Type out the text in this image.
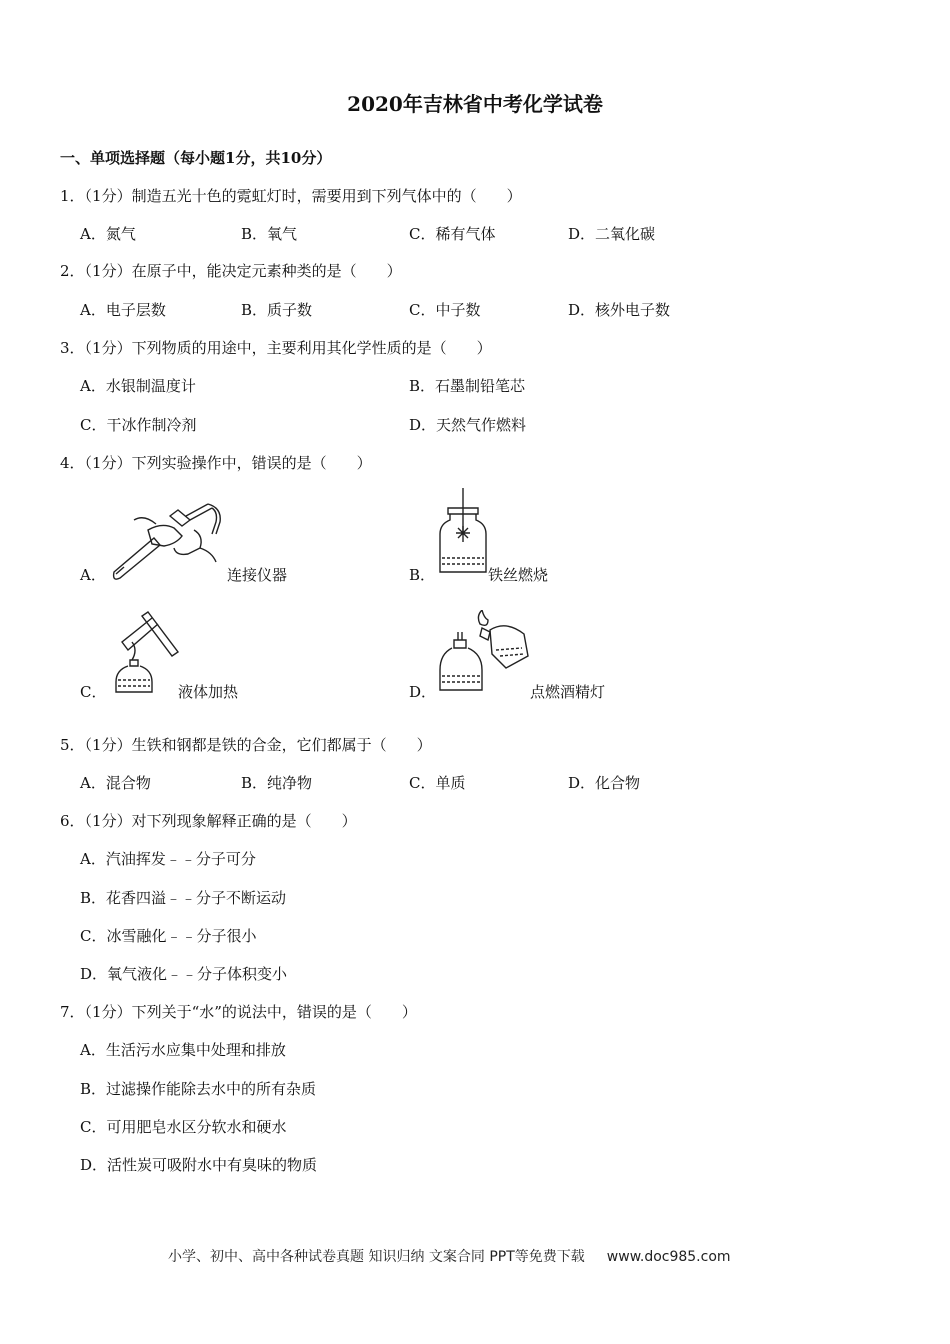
2020年吉林省中考化学试卷
一、单项选择题（每小题1分，共10分）
1．（1分）制造五光十色的霓虹灯时，需要用到下列气体中的（　　）
A．氮气	B．氧气	C．稀有气体	D．二氧化碳
2．（1分）在原子中，能决定元素种类的是（　　）
A．电子层数	B．质子数	C．中子数	D．核外电子数
3．（1分）下列物质的用途中，主要利用其化学性质的是（　　）
A．水银制温度计	B．石墨制铅笔芯
C．干冰作制冷剂	D．天然气作燃料
4．（1分）下列实验操作中，错误的是（　　）
A．	连接仪器	B．	铁丝燃烧
C．	液体加热	D．	点燃酒精灯
5．（1分）生铁和钢都是铁的合金，它们都属于（　　）
A．混合物	B．纯净物	C．单质	D．化合物
6．（1分）对下列现象解释正确的是（　　）
A．汽油挥发﹣﹣分子可分
B．花香四溢﹣﹣分子不断运动
C．冰雪融化﹣﹣分子很小
D．氧气液化﹣﹣分子体积变小
7．（1分）下列关于“水”的说法中，错误的是（　　）
A．生活污水应集中处理和排放
B．过滤操作能除去水中的所有杂质
C．可用肥皂水区分软水和硬水
D．活性炭可吸附水中有臭味的物质
小学、初中、高中各种试卷真题 知识归纳 文案合同 PPT等免费下载 www.doc985.com
